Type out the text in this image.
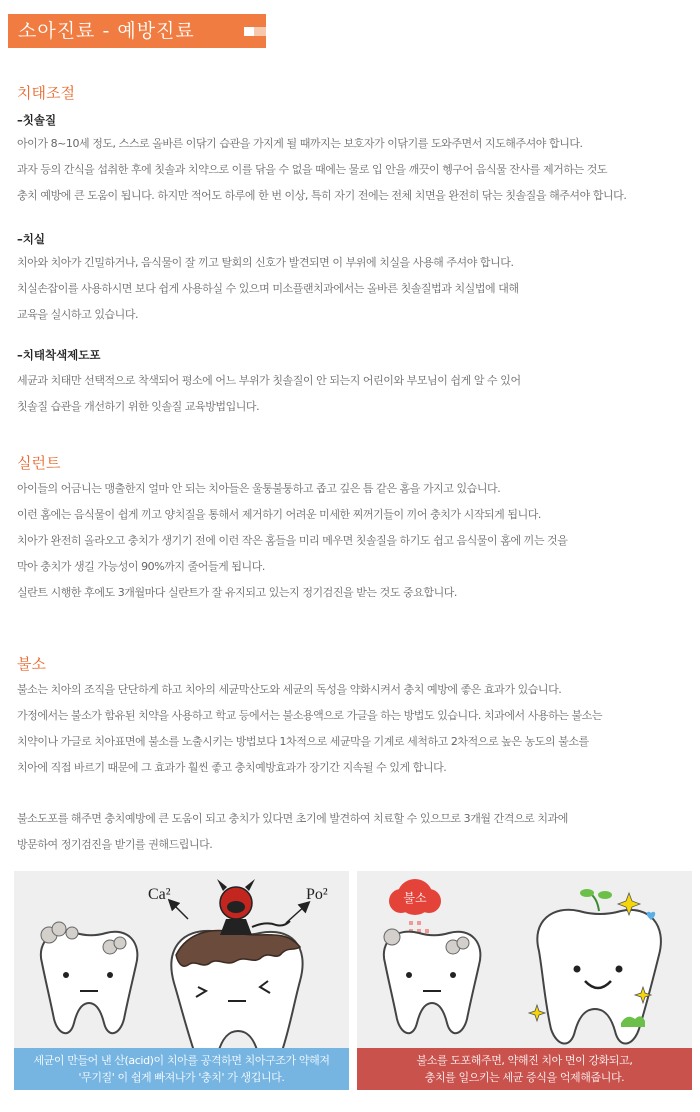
소아진료 - 예방진료
치태조절
–칫솔질

아이가 8~10세 정도, 스스로 올바른 이닦기 습관을 가지게 될 때까지는 보호자가 이닦기를 도와주면서 지도해주셔야 합니다.
과자 등의 간식을 섭취한 후에 칫솔과 치약으로 이를 닦을 수 없을 때에는 물로 입 안을 깨끗이 헹구어 음식물 잔사를 제거하는 것도
충치 예방에 큰 도움이 됩니다. 하지만 적어도 하루에 한 번 이상, 특히 자기 전에는 전체 치면을 완전히 닦는 칫솔질을 해주셔야 합니다.

–치실

치아와 치아가 긴밀하거나, 음식물이 잘 끼고 탈회의 신호가 발견되면 이 부위에 치실을 사용해 주셔야 합니다.
치실손잡이를 사용하시면 보다 쉽게 사용하실 수 있으며 미소플랜치과에서는 올바른 칫솔질법과 치실법에 대해
교육을 실시하고 있습니다.

–치태착색제도포

세균과 치태만 선택적으로 착색되어 평소에 어느 부위가 칫솔질이 안 되는지 어린이와 부모님이 쉽게 알 수 있어
칫솔질 습관을 개선하기 위한 잇솔질 교육방법입니다.

실런트

아이들의 어금니는 맹출한지 얼마 안 되는 치아들은 울퉁불퉁하고 좁고 깊은 틈 같은 홈을 가지고 있습니다.
이런 홈에는 음식물이 쉽게 끼고 양치질을 통해서 제거하기 어려운 미세한 찌꺼기들이 끼어 충치가 시작되게 됩니다.
치아가 완전히 올라오고 충치가 생기기 전에 이런 작은 홈들을 미리 메우면 칫솔질을 하기도 쉽고 음식물이 홈에 끼는 것을
막아 충치가 생길 가능성이 90%까지 줄어들게 됩니다.
실란트 시행한 후에도 3개월마다 실란트가 잘 유지되고 있는지 정기검진을 받는 것도 중요합니다.

불소

불소는 치아의 조직을 단단하게 하고 치아의 세균막산도와 세균의 독성을 약화시켜서 충치 예방에 좋은 효과가 있습니다.
가정에서는 불소가 함유된 치약을 사용하고 학교 등에서는 불소용액으로 가글을 하는 방법도 있습니다. 치과에서 사용하는 불소는
치약이나 가글로 치아표면에 불소를 노출시키는 방법보다 1차적으로 세균막을 기계로 세척하고 2차적으로 높은 농도의 불소를
치아에 직접 바르기 때문에 그 효과가 훨씬 좋고 충치예방효과가 장기간 지속될 수 있게 합니다.

불소도포를 해주면 충치예방에 큰 도움이 되고 충치가 있다면 초기에 발견하여 치료할 수 있으므로 3개월 간격으로 치과에
방문하여 정기검진을 받기를 권해드립니다.

Ca²	Po²
세균이 만들어 낸 산(acid)이 치아를 공격하면 치아구조가 약해져
'무기질' 이 쉽게 빠져나가 '충치' 가 생깁니다.
불소
불소를 도포해주면, 약해진 치아 면이 강화되고,
충치를 일으키는 세균 증식을 억제해줍니다.
